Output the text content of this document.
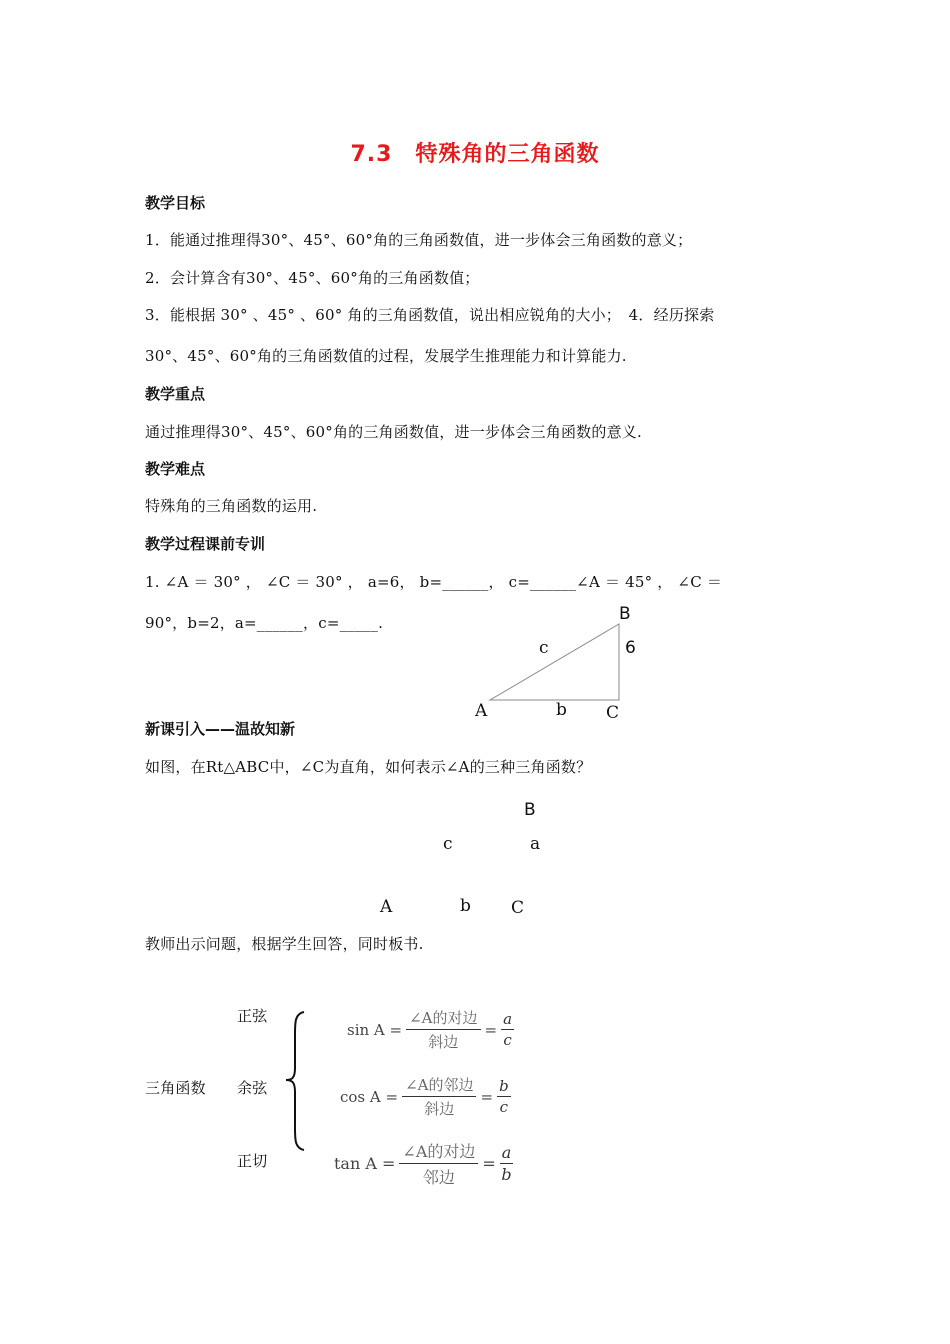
7.3　特殊角的三角函数
教学目标
1．能通过推理得30°、45°、60°角的三角函数值，进一步体会三角函数的意义；
2．会计算含有30°、45°、60°角的三角函数值；
3．能根据 30° 、45° 、60° 角的三角函数值，说出相应锐角的大小；　4．经历探索
30°、45°、60°角的三角函数值的过程，发展学生推理能力和计算能力.
教学重点
通过推理得30°、45°、60°角的三角函数值，进一步体会三角函数的意义.
教学难点
特殊角的三角函数的运用.
教学过程课前专训
1. ∠A ＝ 30° ， ∠C ＝ 30° ， a=6， b=______， c=______∠A ＝ 45° ， ∠C ＝
90°，b=2，a=______，c=_____.	B
6
c
A	b C
新课引入——温故知新
如图，在Rt△ABC中，∠C为直角，如何表示∠A的三种三角函数？
B
c	a
A	b C
教师出示问题，根据学生回答，同时板书.
三角函数
正弦
余弦
正切
$\sin A = \frac{\text{∠A的对边}}{\text{斜边}} = \frac{a}{c}$
$\cos A = \frac{\text{∠A的邻边}}{\text{斜边}} = \frac{b}{c}$
$\tan A = \frac{\text{∠A的对边}}{\text{邻边}} = \frac{a}{b}$
